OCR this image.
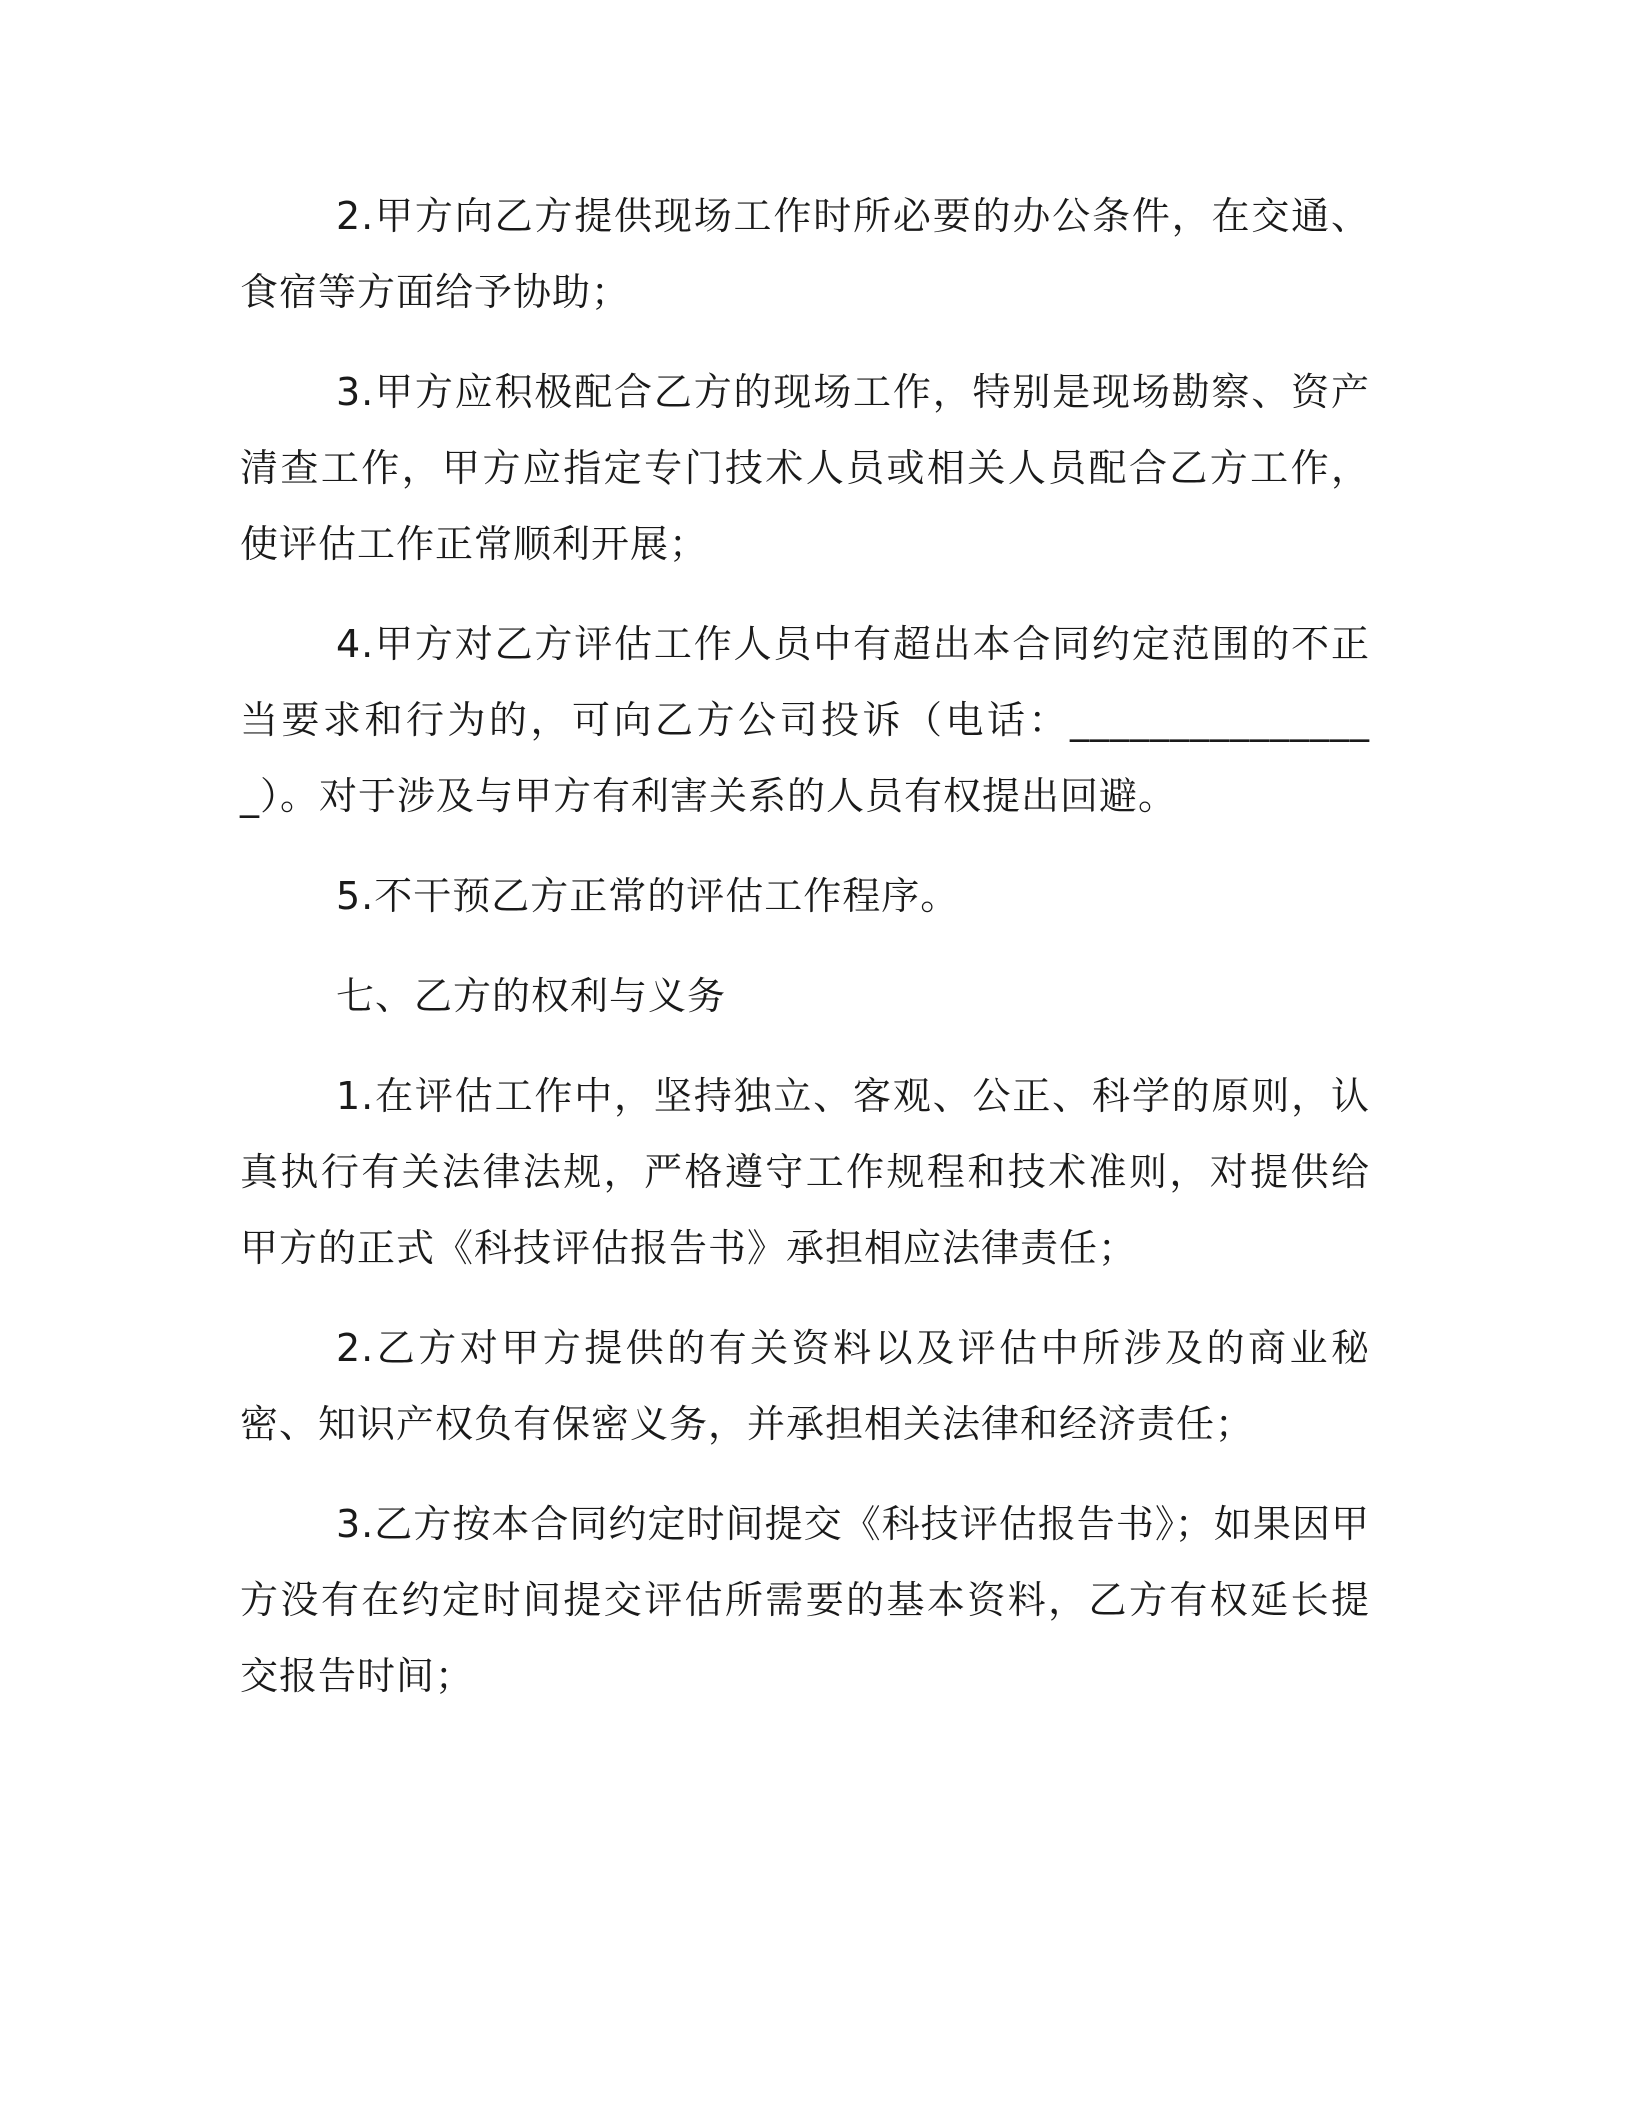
2.甲方向乙方提供现场工作时所必要的办公条件，在交通、食宿等方面给予协助；

3.甲方应积极配合乙方的现场工作，特别是现场勘察、资产清查工作，甲方应指定专门技术人员或相关人员配合乙方工作，使评估工作正常顺利开展；

4.甲方对乙方评估工作人员中有超出本合同约定范围的不正当要求和行为的，可向乙方公司投诉（电话：________________）。对于涉及与甲方有利害关系的人员有权提出回避。

5.不干预乙方正常的评估工作程序。

七、乙方的权利与义务

1.在评估工作中，坚持独立、客观、公正、科学的原则，认真执行有关法律法规，严格遵守工作规程和技术准则，对提供给甲方的正式《科技评估报告书》承担相应法律责任；

2.乙方对甲方提供的有关资料以及评估中所涉及的商业秘密、知识产权负有保密义务，并承担相关法律和经济责任；

3.乙方按本合同约定时间提交《科技评估报告书》；如果因甲方没有在约定时间提交评估所需要的基本资料，乙方有权延长提交报告时间；
